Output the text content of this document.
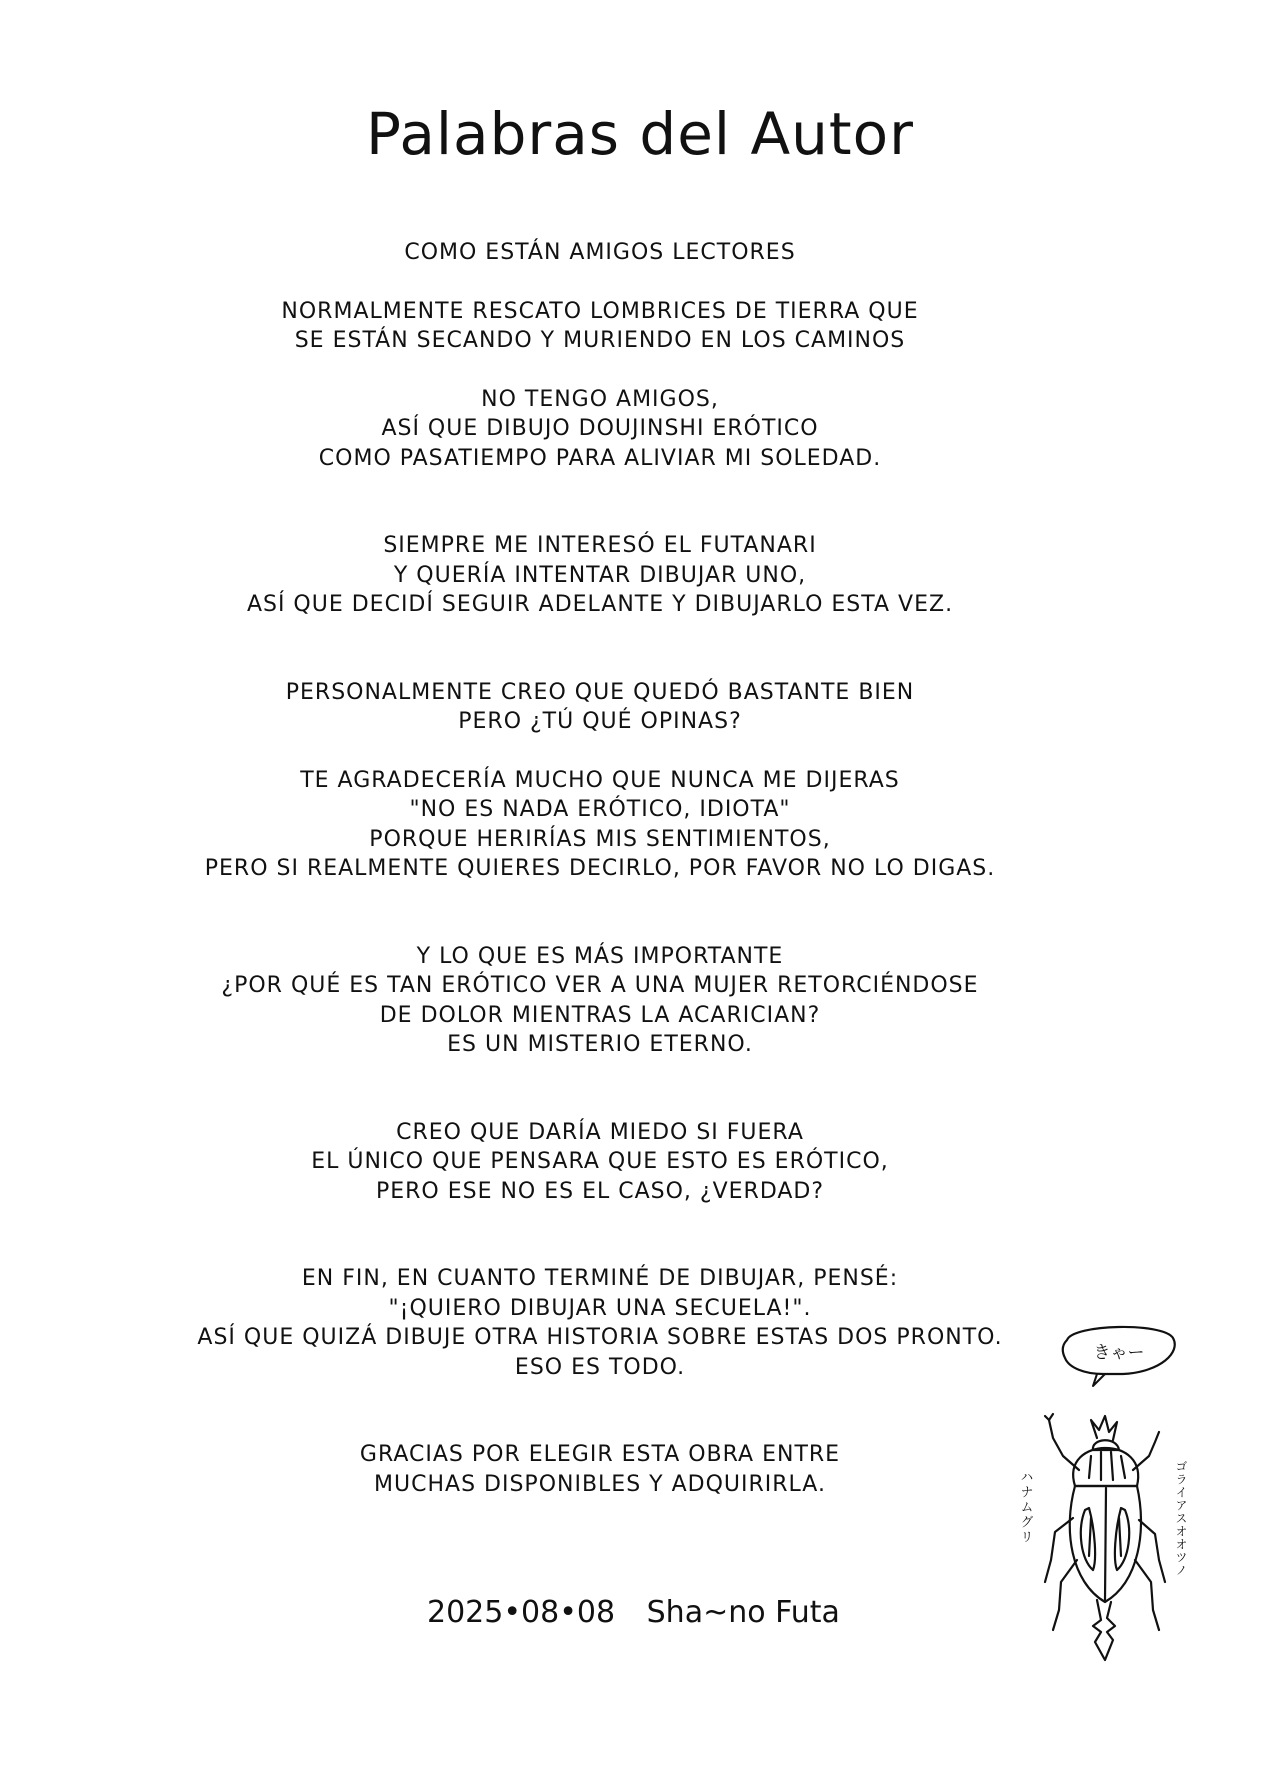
Palabras del Autor

COMO ESTÁN AMIGOS LECTORES

NORMALMENTE RESCATO LOMBRICES DE TIERRA QUE
SE ESTÁN SECANDO Y MURIENDO EN LOS CAMINOS

NO TENGO AMIGOS,
ASÍ QUE DIBUJO DOUJINSHI ERÓTICO
COMO PASATIEMPO PARA ALIVIAR MI SOLEDAD.

SIEMPRE ME INTERESÓ EL FUTANARI
Y QUERÍA INTENTAR DIBUJAR UNO,
ASÍ QUE DECIDÍ SEGUIR ADELANTE Y DIBUJARLO ESTA VEZ.

PERSONALMENTE CREO QUE QUEDÓ BASTANTE BIEN
PERO ¿TÚ QUÉ OPINAS?

TE AGRADECERÍA MUCHO QUE NUNCA ME DIJERAS
"NO ES NADA ERÓTICO, IDIOTA"
PORQUE HERIRÍAS MIS SENTIMIENTOS,
PERO SI REALMENTE QUIERES DECIRLO, POR FAVOR NO LO DIGAS.

Y LO QUE ES MÁS IMPORTANTE
¿POR QUÉ ES TAN ERÓTICO VER A UNA MUJER RETORCIÉNDOSE
DE DOLOR MIENTRAS LA ACARICIAN?
ES UN MISTERIO ETERNO.

CREO QUE DARÍA MIEDO SI FUERA
EL ÚNICO QUE PENSARA QUE ESTO ES ERÓTICO,
PERO ESE NO ES EL CASO, ¿VERDAD?

EN FIN, EN CUANTO TERMINÉ DE DIBUJAR, PENSÉ:
"¡QUIERO DIBUJAR UNA SECUELA!".
ASÍ QUE QUIZÁ DIBUJE OTRA HISTORIA SOBRE ESTAS DOS PRONTO.
ESO ES TODO.

GRACIAS POR ELEGIR ESTA OBRA ENTRE
MUCHAS DISPONIBLES Y ADQUIRIRLA.

2025•08•08 Sha~no Futa
きゃー
ハナムグリ	ゴライアスオオツノ
